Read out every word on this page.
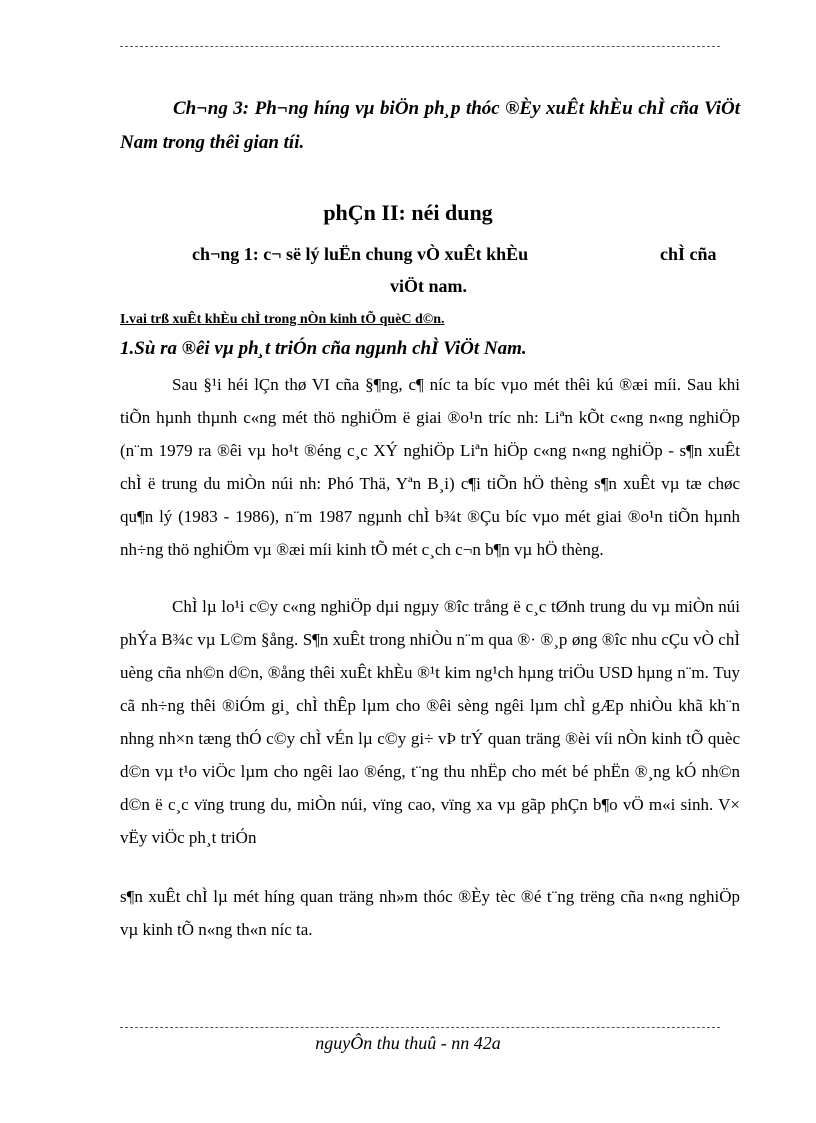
Ch¬ng 3: Ph¬ng híng vµ biÖn ph¸p thóc ®Èy xuÊt khÈu chÌ cña ViÖt Nam trong thêi gian tíi.
phÇn II: néi dung
ch¬ng 1: c¬ së lý luËn chung vÒ xuÊt khÈu	chÌ cña
viÖt nam.
I.vai trß xuÊt khÈu chÌ trong nÒn kinh tÕ quèC d©n.
1.Sù ra ®êi vµ ph¸t triÓn cña ngµnh chÌ ViÖt Nam.
Sau §¹i héi lÇn thø VI cña §¶ng, c¶ níc ta bíc vµo mét thêi kú ®æi míi. Sau khi tiÕn hµnh thµnh c«ng mét thö nghiÖm ë giai ®o¹n tríc nh: Liªn kÕt c«ng n«ng nghiÖp (n¨m 1979 ra ®êi vµ ho¹t ®éng c¸c XÝ nghiÖp Liªn hiÖp c«ng n«ng nghiÖp - s¶n xuÊt chÌ ë trung du miÒn núi nh: Phó Thä, Yªn B¸i) c¶i tiÕn hÖ thèng s¶n xuÊt vµ tæ chøc qu¶n lý (1983 - 1986), n¨m 1987 ngµnh chÌ b¾t ®Çu bíc vµo mét giai ®o¹n tiÕn hµnh nh÷ng thö nghiÖm vµ ®æi míi kinh tÕ mét c¸ch c¬n b¶n vµ hÖ thèng.
ChÌ lµ lo¹i c©y c«ng nghiÖp dµi ngµy ®îc trång ë c¸c tØnh trung du vµ miÒn núi phÝa B¾c vµ L©m §ång. S¶n xuÊt trong nhiÒu n¨m qua ®· ®¸p øng ®îc nhu cÇu vÒ chÌ uèng cña nh©n d©n, ®ång thêi xuÊt khÈu ®¹t kim ng¹ch hµng triÖu USD hµng n¨m. Tuy cã nh÷ng thêi ®iÓm gi¸ chÌ thÊp lµm cho ®êi sèng ngêi lµm chÌ gÆp nhiÒu khã kh¨n nhng nh×n tæng thÓ c©y chÌ vÉn lµ c©y gi÷ vÞ trÝ quan träng ®èi víi nÒn kinh tÕ quèc d©n vµ t¹o viÖc lµm cho ngêi lao ®éng, t¨ng thu nhËp cho mét bé phËn ®¸ng kÓ nh©n d©n ë c¸c vïng trung du, miÒn núi, vïng cao, vïng xa vµ gãp phÇn b¶o vÖ m«i sinh. V× vËy viÖc ph¸t triÓn
s¶n xuÊt chÌ lµ mét híng quan träng nh»m thóc ®Èy tèc ®é t¨ng trëng cña n«ng nghiÖp vµ kinh tÕ n«ng th«n níc ta.
nguyÔn thu thuû - nn 42a
